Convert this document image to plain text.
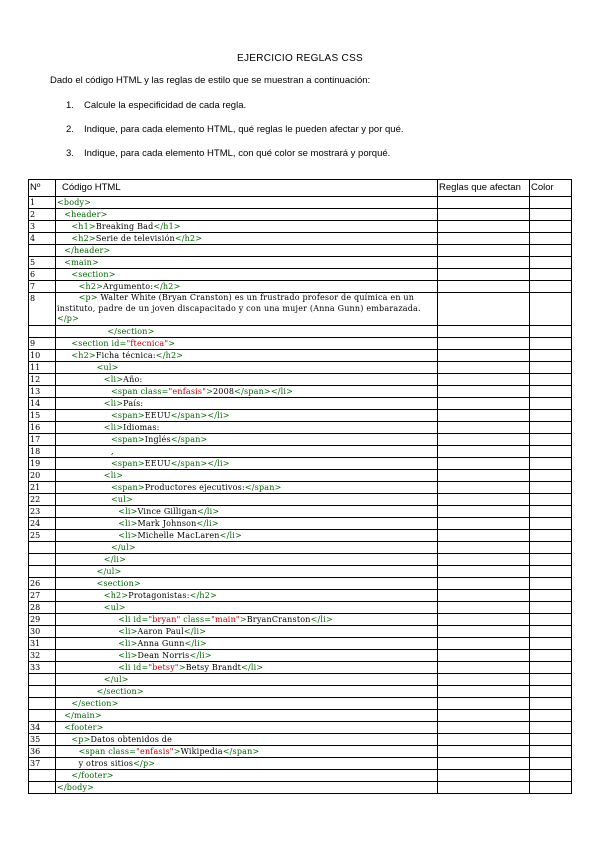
EJERCICIO REGLAS CSS
Dado el código HTML y las reglas de estilo que se muestran a continuación:
1. Calcule la especificidad de cada regla.
2. Indique, para cada elemento HTML, qué reglas le pueden afectar y por qué.
3. Indique, para cada elemento HTML, con qué color se mostrará y porqué.
Nº	Código HTML	Reglas que afectan	Color
1	<body>		
2	<header>		
3	<h1>Breaking Bad</h1>		
4	<h2>Serie de televisión</h2>		
	</header>		
5	<main>		
6	<section>		
7	<h2>Argumento:</h2>		
8	<p> Walter White (Bryan Cranston) es un frustrado profesor de química en un instituto, padre de un joven discapacitado y con una mujer (Anna Gunn) embarazada.</p>		
	</section>		
9	<section id="ftecnica">		
10	<h2>Ficha técnica:</h2>		
11	<ul>		
12	<li>Año:		
13	<span class="enfasis">2008</span></li>		
14	<li>País:		
15	<span>EEUU</span></li>		
16	<li>Idiomas:		
17	<span>Inglés</span>		
18	,		
19	<span>EEUU</span></li>		
20	<li>		
21	<span>Productores ejecutivos:</span>		
22	<ul>		
23	<li>Vince Gilligan</li>		
24	<li>Mark Johnson</li>		
25	<li>Michelle MacLaren</li>		
	</ul>		
	</li>		
	</ul>		
26	<section>		
27	<h2>Protagonistas:</h2>		
28	<ul>		
29	<li id="bryan" class="main">BryanCranston</li>		
30	<li>Aaron Paul</li>		
31	<li>Anna Gunn</li>		
32	<li>Dean Norris</li>		
33	<li id="betsy">Betsy Brandt</li>		
	</ul>		
	</section>		
	</section>		
	</main>		
34	<footer>		
35	<p>Datos obtenidos de		
36	<span class="enfasis">Wikipedia</span>		
37	y otros sitios</p>		
	</footer>		
	</body>		
